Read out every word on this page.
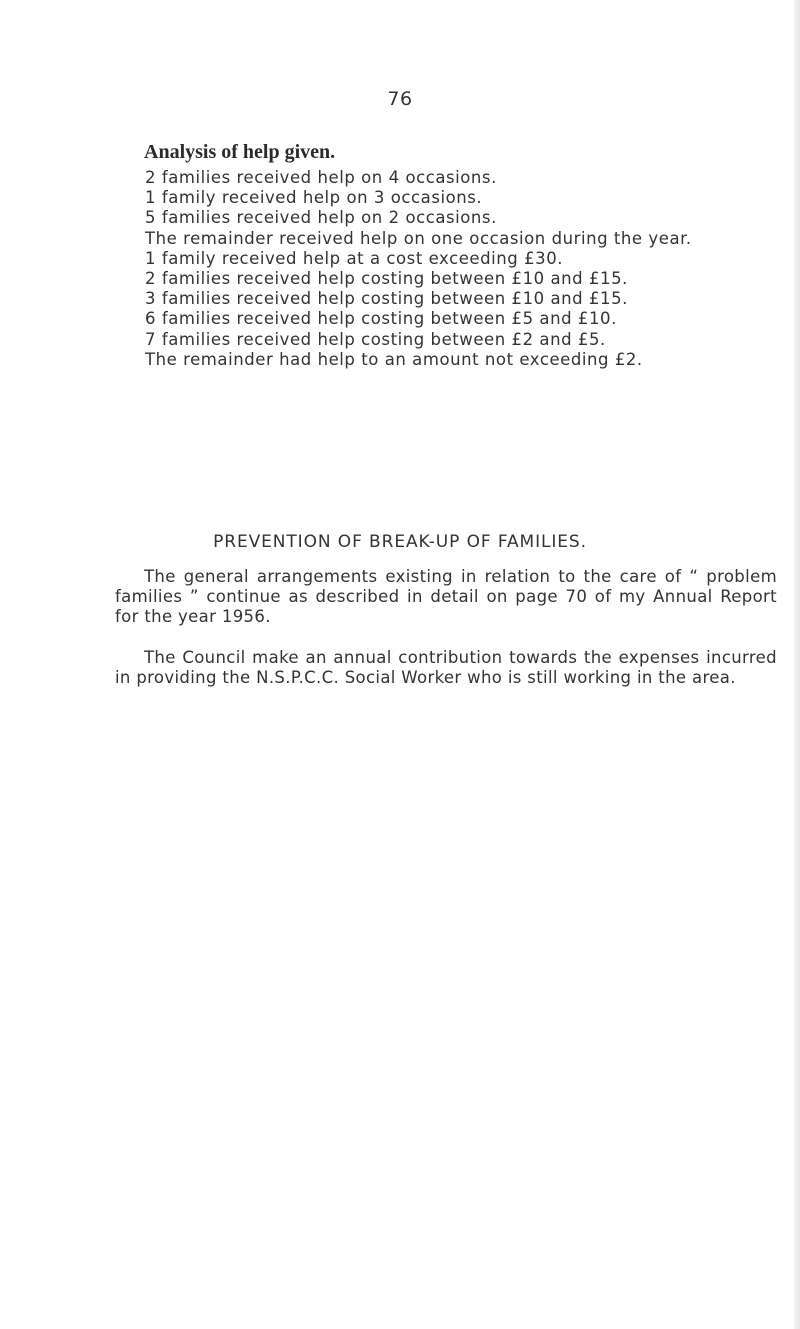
76
Analysis of help given.
2 families received help on 4 occasions.
1 family received help on 3 occasions.
5 families received help on 2 occasions.
The remainder received help on one occasion during the year.
1 family received help at a cost exceeding £30.
2 families received help costing between £10 and £15.
3 families received help costing between £10 and £15.
6 families received help costing between £5 and £10.
7 families received help costing between £2 and £5.
The remainder had help to an amount not exceeding £2.
PREVENTION OF BREAK-UP OF FAMILIES.

The general arrangements existing in relation to the care of “ problem families ” continue as described in detail on page 70 of my Annual Report for the year 1956.

The Council make an annual contribution towards the expenses incurred in providing the N.S.P.C.C. Social Worker who is still working in the area.
